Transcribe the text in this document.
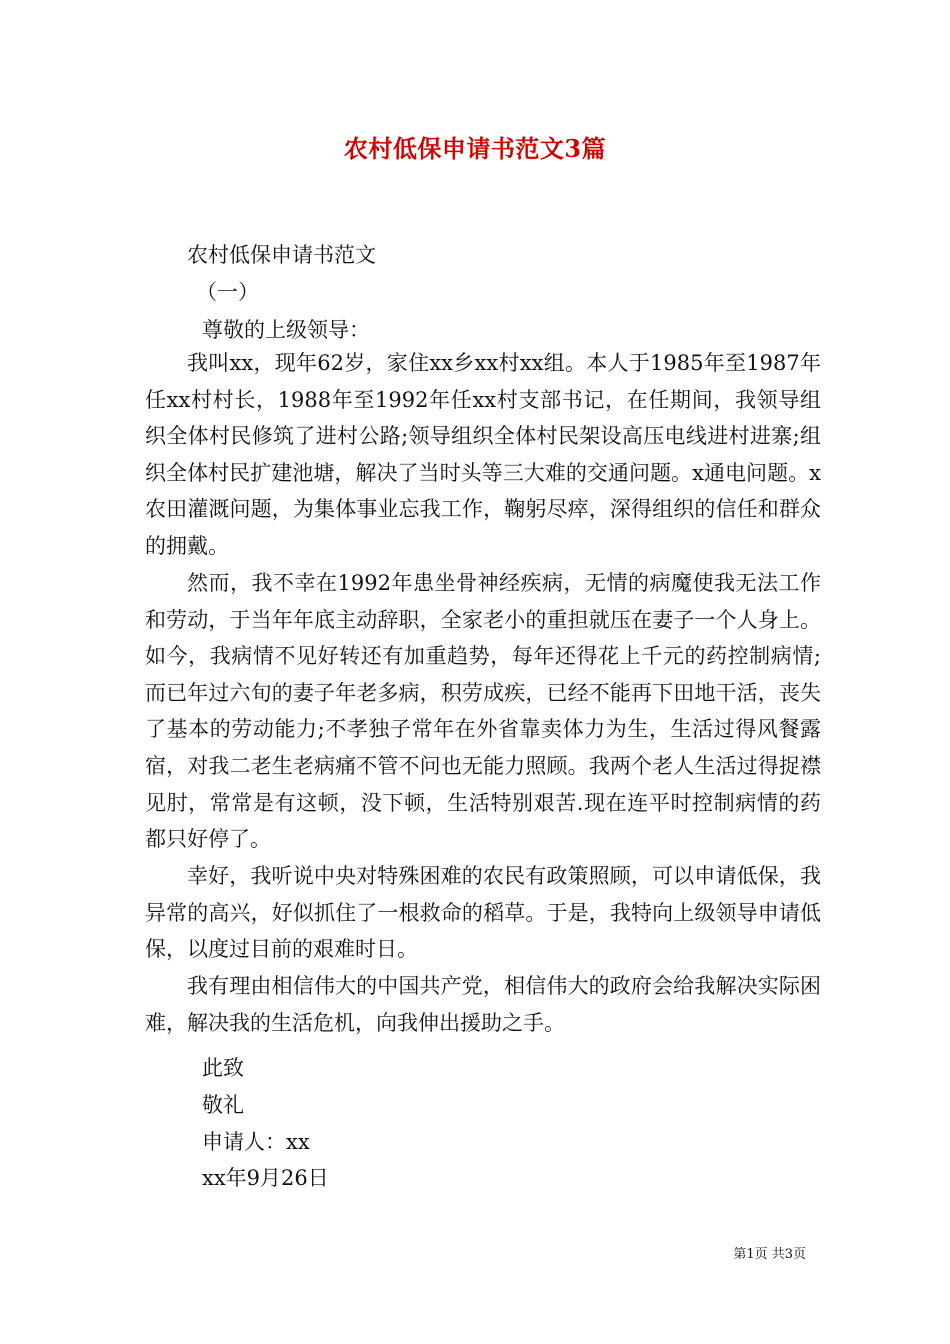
农村低保申请书范文3篇
农村低保申请书范文
（一）
尊敬的上级领导：
我叫xx，现年62岁，家住xx乡xx村xx组。本人于1985年至1987年任xx村村长，1988年至1992年任xx村支部书记，在任期间，我领导组织全体村民修筑了进村公路;领导组织全体村民架设高压电线进村进寨;组织全体村民扩建池塘，解决了当时头等三大难的交通问题。x通电问题。x农田灌溉问题，为集体事业忘我工作，鞠躬尽瘁，深得组织的信任和群众的拥戴。
然而，我不幸在1992年患坐骨神经疾病，无情的病魔使我无法工作和劳动，于当年年底主动辞职，全家老小的重担就压在妻子一个人身上。如今，我病情不见好转还有加重趋势，每年还得花上千元的药控制病情;而已年过六旬的妻子年老多病，积劳成疾，已经不能再下田地干活，丧失了基本的劳动能力;不孝独子常年在外省靠卖体力为生，生活过得风餐露宿，对我二老生老病痛不管不问也无能力照顾。我两个老人生活过得捉襟见肘，常常是有这顿，没下顿，生活特别艰苦.现在连平时控制病情的药都只好停了。
幸好，我听说中央对特殊困难的农民有政策照顾，可以申请低保，我异常的高兴，好似抓住了一根救命的稻草。于是，我特向上级领导申请低保，以度过目前的艰难时日。
我有理由相信伟大的中国共产党，相信伟大的政府会给我解决实际困难，解决我的生活危机，向我伸出援助之手。
此致
敬礼
申请人：xx
xx年9月26日
第1页 共3页
